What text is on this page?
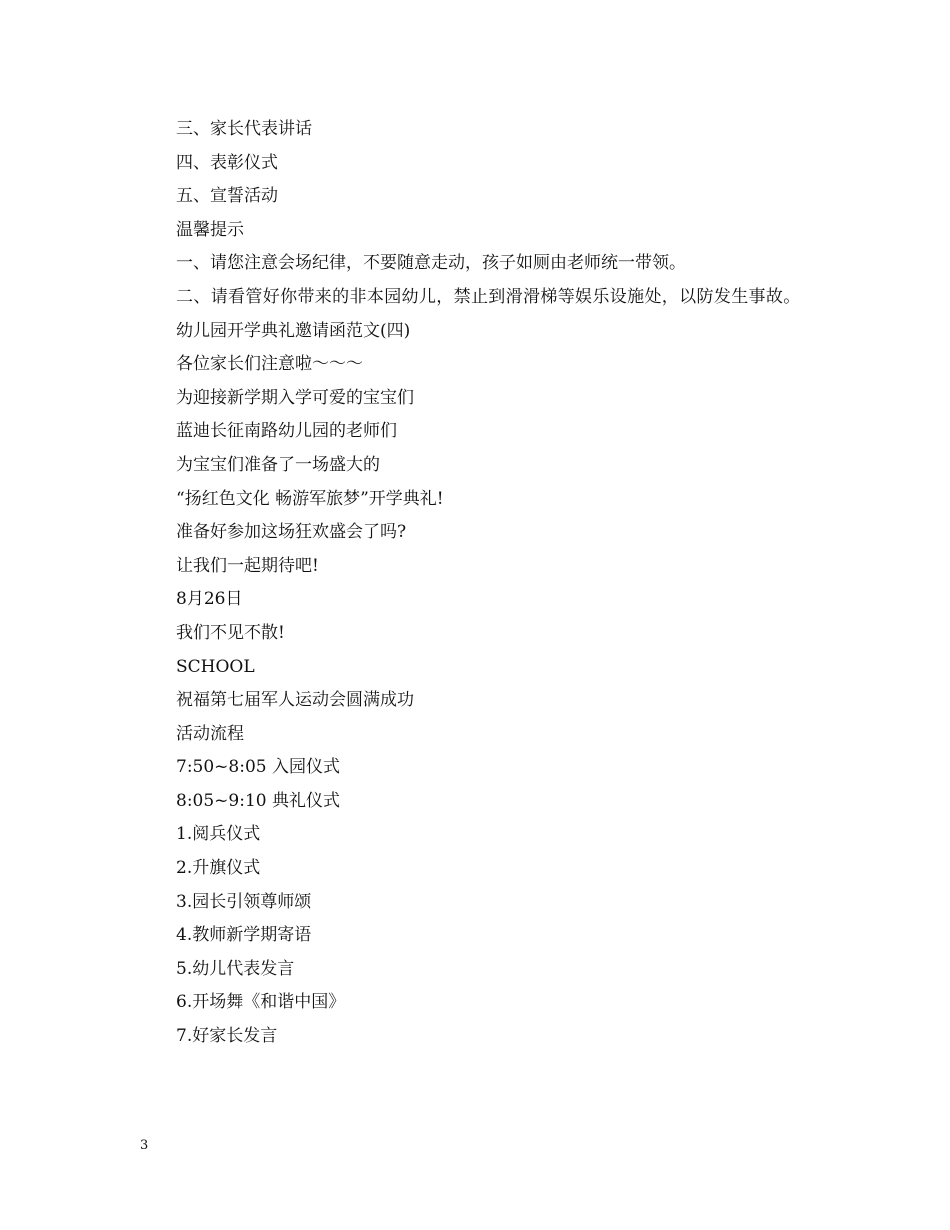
三、家长代表讲话
四、表彰仪式
五、宣誓活动
温馨提示
一、请您注意会场纪律，不要随意走动，孩子如厕由老师统一带领。
二、请看管好你带来的非本园幼儿，禁止到滑滑梯等娱乐设施处，以防发生事故。
幼儿园开学典礼邀请函范文(四)
各位家长们注意啦～～～
为迎接新学期入学可爱的宝宝们
蓝迪长征南路幼儿园的老师们
为宝宝们准备了一场盛大的
“扬红色文化 畅游军旅梦”开学典礼!
准备好参加这场狂欢盛会了吗?
让我们一起期待吧!
8月26日
我们不见不散!
SCHOOL
祝福第七届军人运动会圆满成功
活动流程
7:50~8:05 入园仪式
8:05~9:10 典礼仪式
1.阅兵仪式
2.升旗仪式
3.园长引领尊师颂
4.教师新学期寄语
5.幼儿代表发言
6.开场舞《和谐中国》
7.好家长发言
3
